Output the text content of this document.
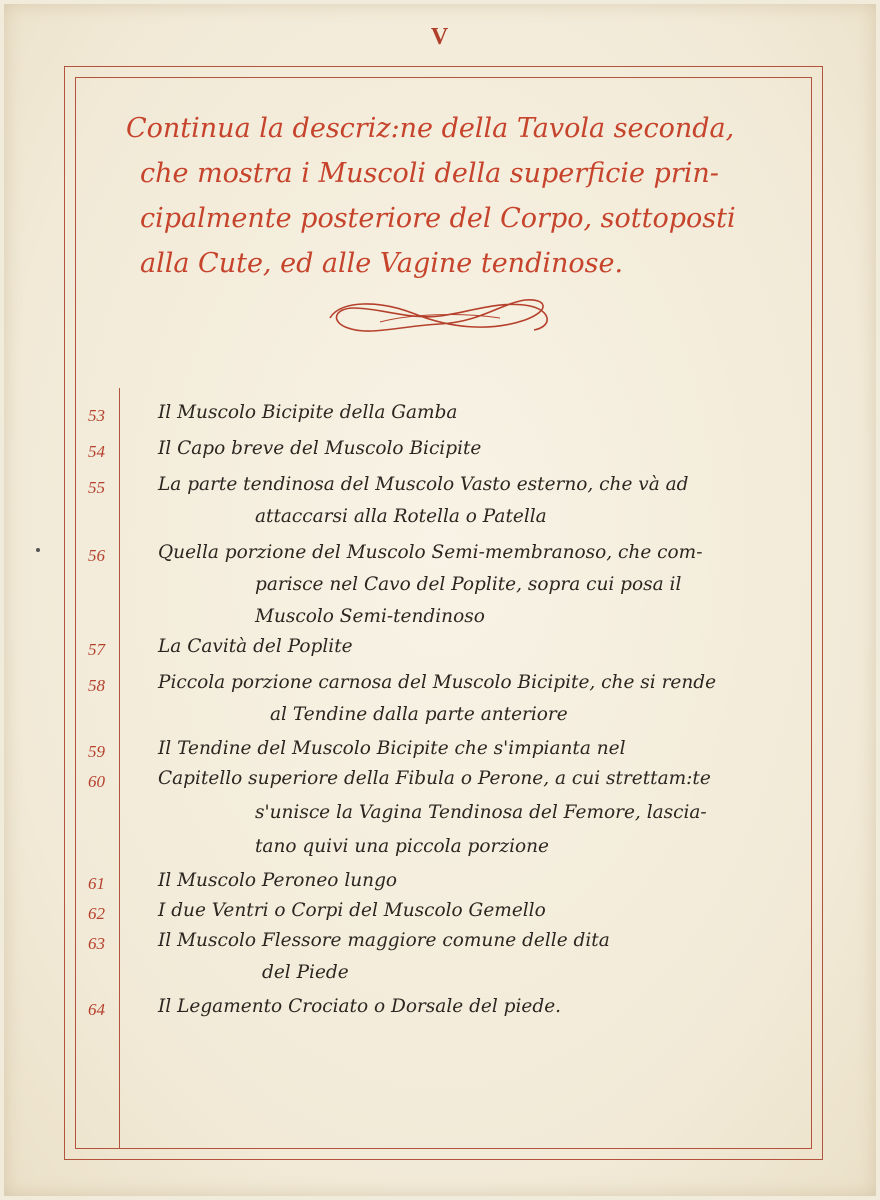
V
Continua la descriz:ne della Tavola seconda,
che mostra i Muscoli della superficie prin-
cipalmente posteriore del Corpo, sottoposti
alla Cute, ed alle Vagine tendinose.
53	Il Muscolo Bicipite della Gamba
54	Il Capo breve del Muscolo Bicipite
55	La parte tendinosa del Muscolo Vasto esterno, che và ad
attaccarsi alla Rotella o Patella
56	Quella porzione del Muscolo Semi-membranoso, che com-
parisce nel Cavo del Poplite, sopra cui posa il
Muscolo Semi-tendinoso
57	La Cavità del Poplite
58	Piccola porzione carnosa del Muscolo Bicipite, che si rende
al Tendine dalla parte anteriore
59	Il Tendine del Muscolo Bicipite che s'impianta nel
60	Capitello superiore della Fibula o Perone, a cui strettam:te
s'unisce la Vagina Tendinosa del Femore, lascia-
tano quivi una piccola porzione
61	Il Muscolo Peroneo lungo
62	I due Ventri o Corpi del Muscolo Gemello
63	Il Muscolo Flessore maggiore comune delle dita
del Piede
64	Il Legamento Crociato o Dorsale del piede.
